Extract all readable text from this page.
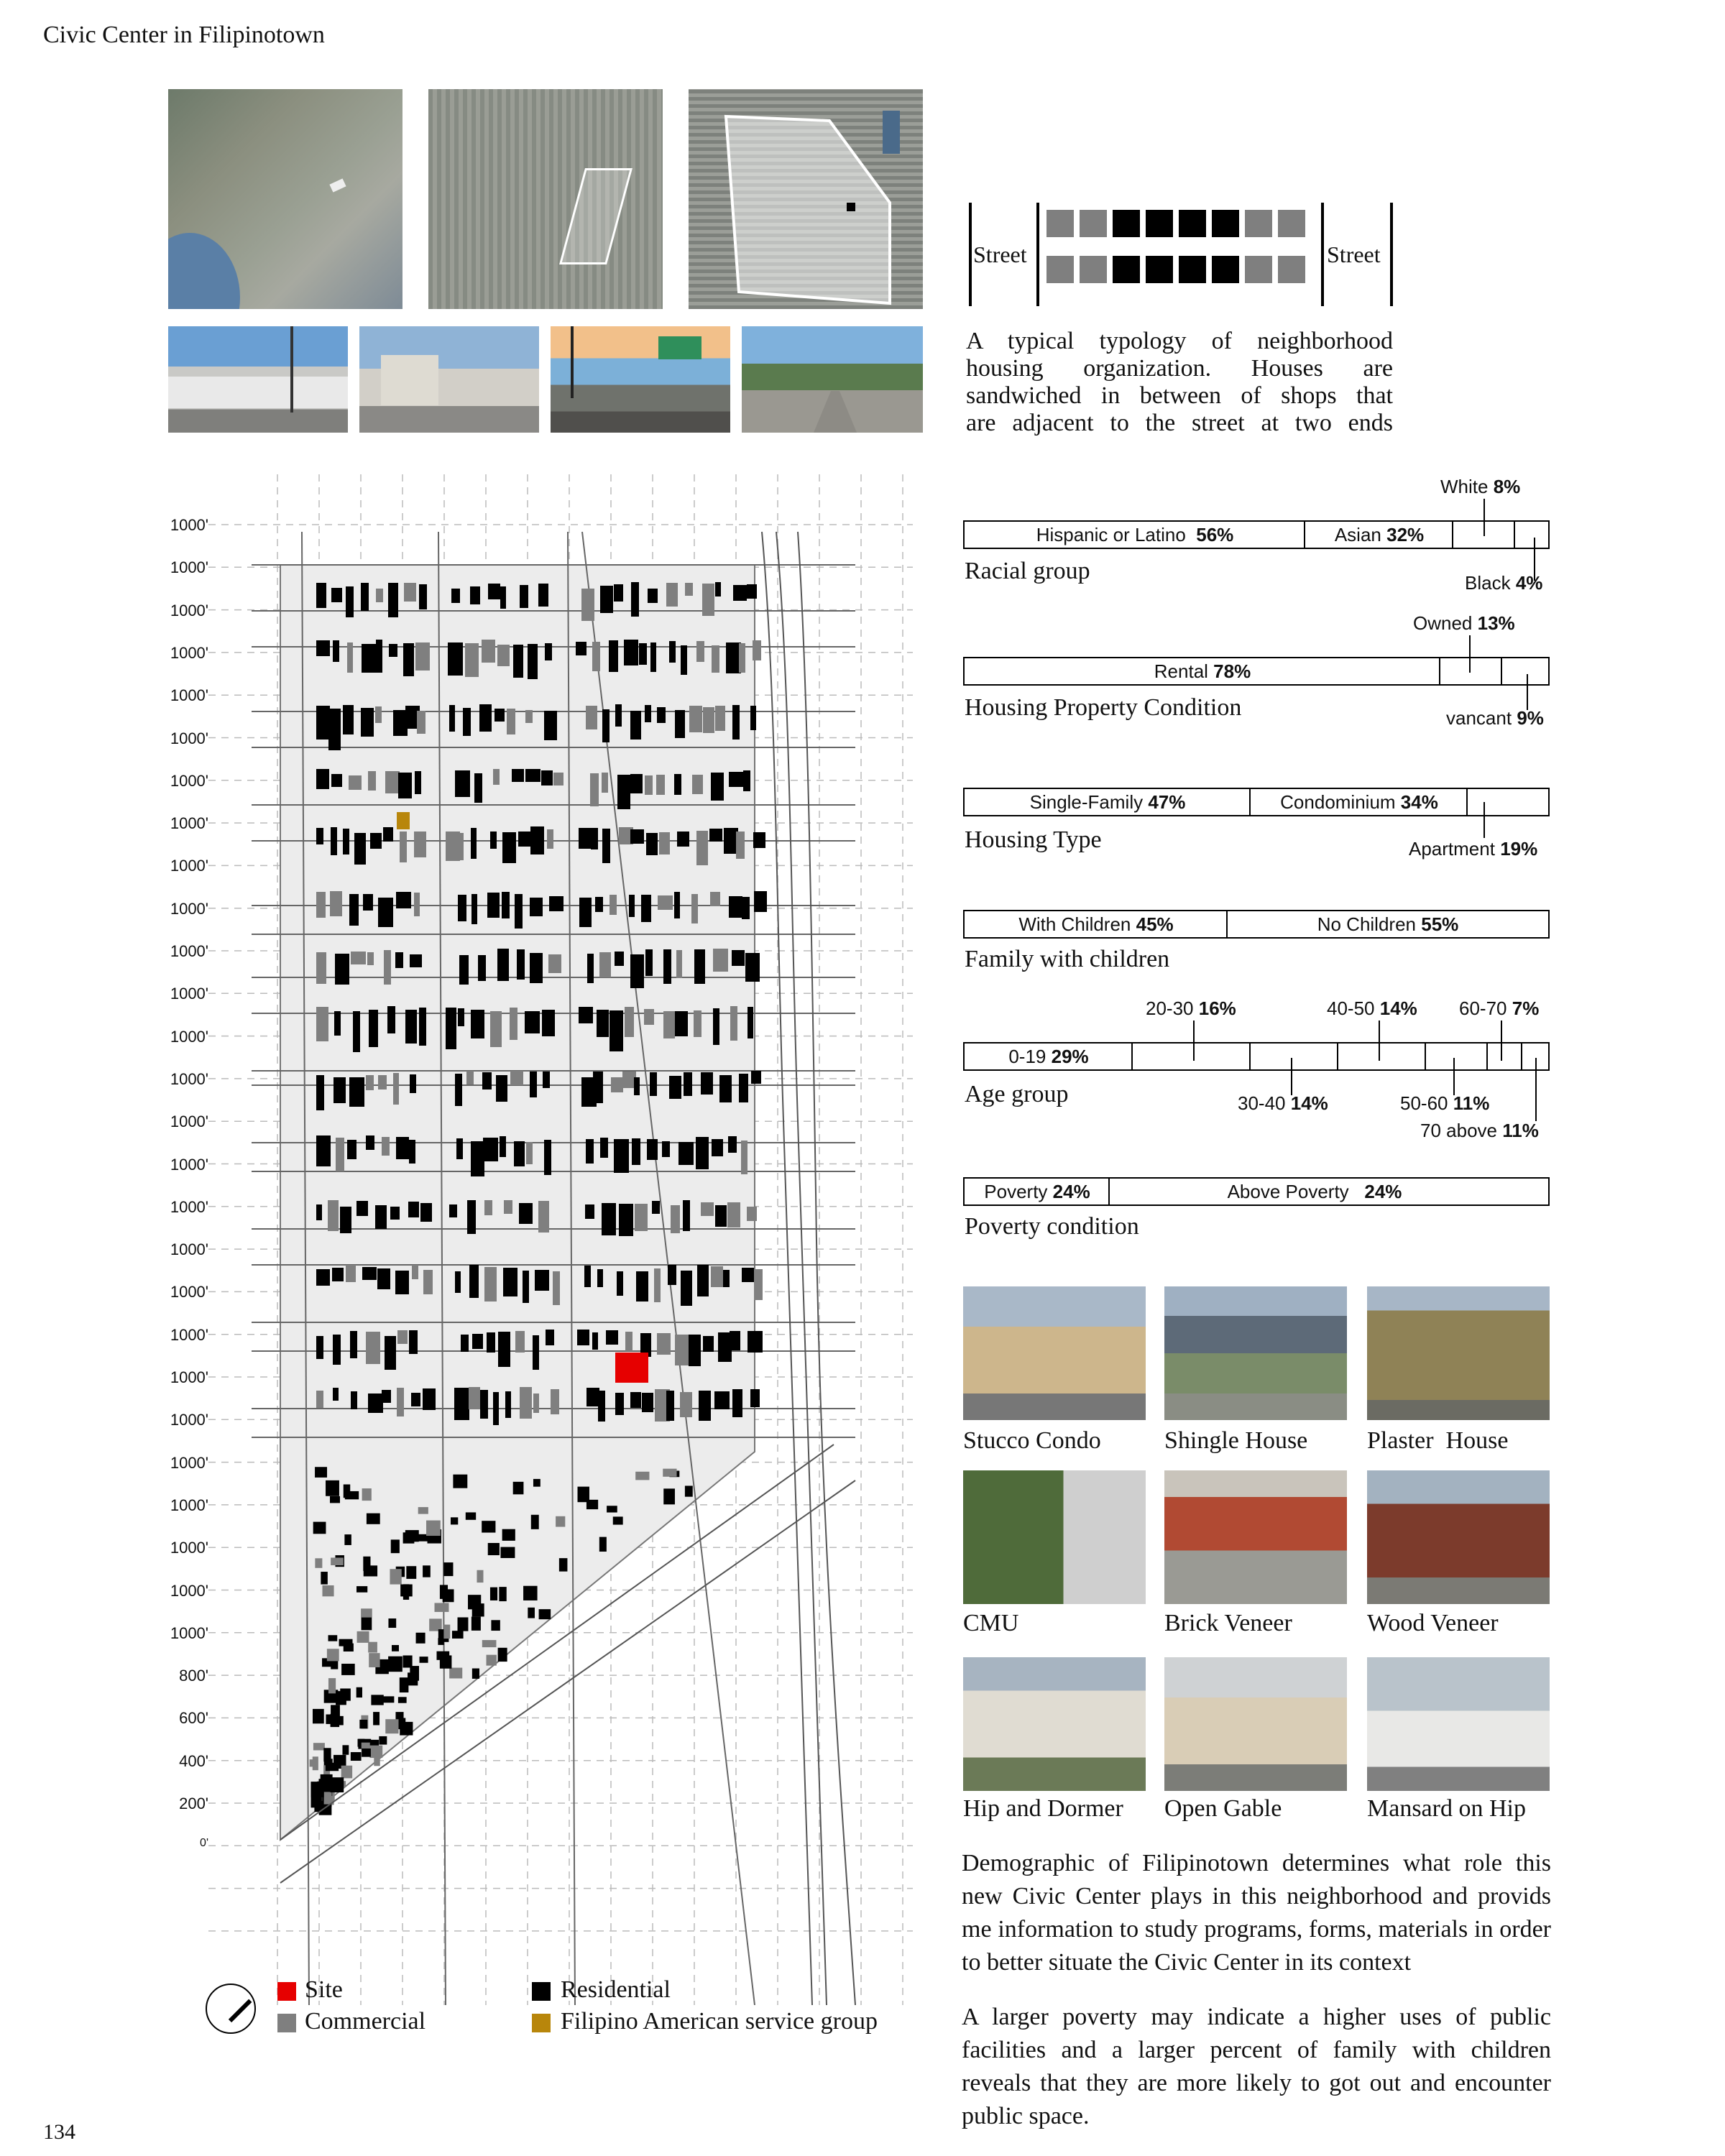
Civic Center in Filipinotown
Street	Street
A typical typology of neighborhood
housing organization. Houses are
sandwiched in between of shops that
are adjacent to the street at two ends
White 8%
Hispanic or Latino 56%	Asian 32%
Racial group	Black 4%
Owned 13%
Rental 78%
Housing Property Condition	vancant 9%
Single-Family 47%	Condominium 34%
Housing Type	Apartment 19%
With Children 45%	No Children 55%
Family with children
20-30 16%	40-50 14% 60-70 7%
0-19 29%
Age group	30-40 14%	50-60 11%
70 above 11%
Poverty 24%	Above Poverty 24%
Poverty condition
Stucco Condo	Shingle House Plaster  House
CMU	Brick Veneer	Wood Veneer
Hip and Dormer Open Gable	Mansard on Hip
Demographic of Filipinotown determines what role this new Civic Center plays in this neighborhood and provids me information to study programs, forms, materials in order to better situate the Civic Center in its context
A larger poverty may indicate a higher uses of public facilities and a larger percent of family with children reveals that they are more likely to got out and encounter public space.
1000'
1000'
1000'
1000'
1000'
1000'
1000'
1000'
1000'
1000'
1000'
1000'
1000'
1000'
1000'
1000'
1000'
1000'
1000'
1000'
1000'
1000'
1000'
1000'
1000'
1000'
1000'
800'
600'
400'
200'
0'
Site
Commercial
Residential
Filipino American service group
134
